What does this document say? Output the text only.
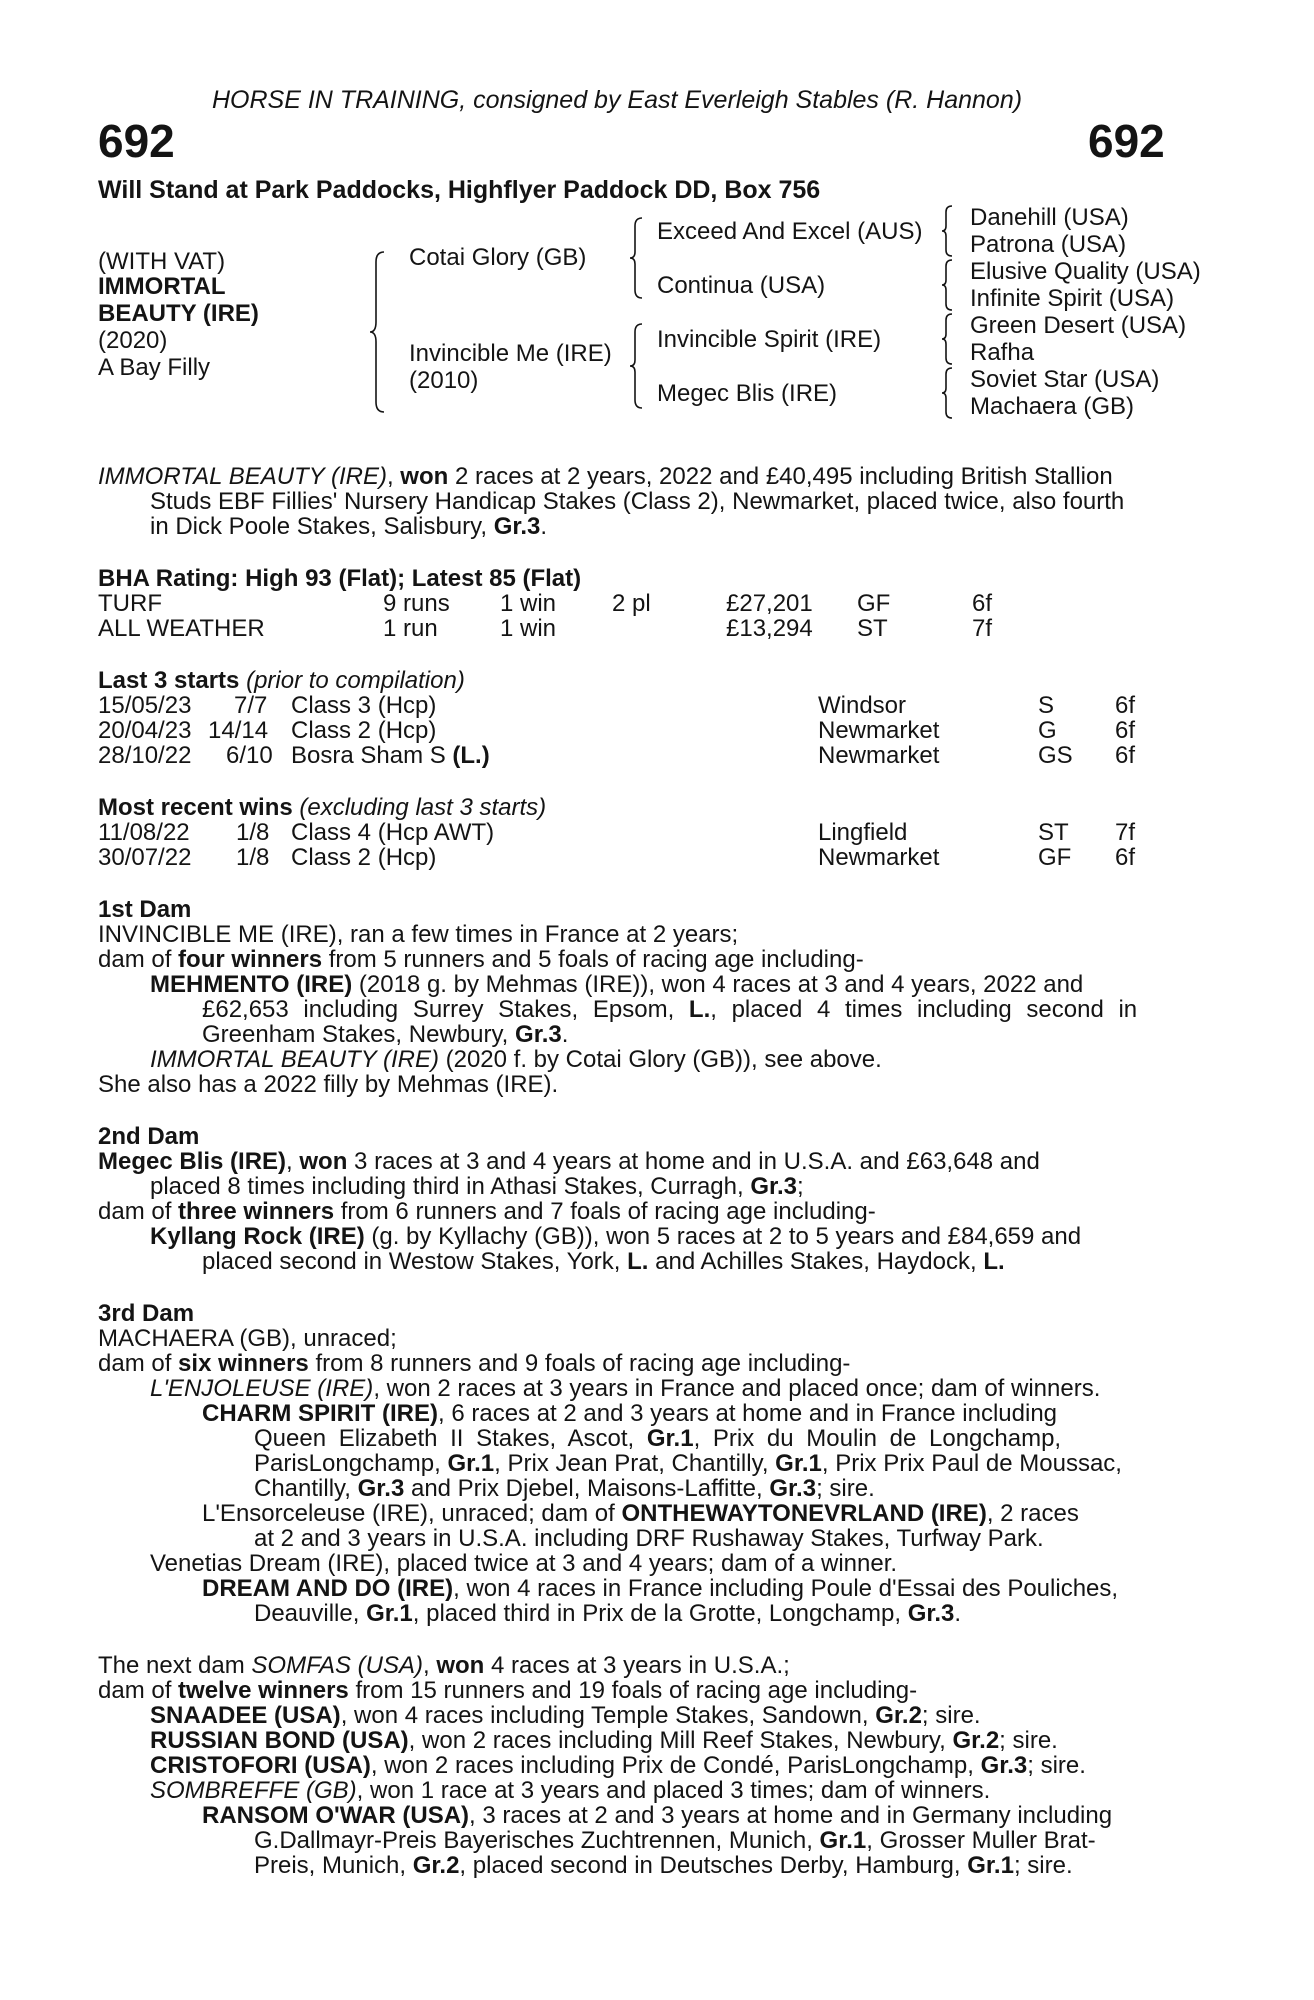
HORSE IN TRAINING, consigned by East Everleigh Stables (R. Hannon)
692	692
Will Stand at Park Paddocks, Highflyer Paddock DD, Box 756
(WITH VAT)
IMMORTAL
BEAUTY (IRE)
(2020)
A Bay Filly
Cotai Glory (GB)
Invincible Me (IRE)
(2010)
Exceed And Excel (AUS)
Continua (USA)
Invincible Spirit (IRE)
Megec Blis (IRE)
Danehill (USA)
Patrona (USA)
Elusive Quality (USA)
Infinite Spirit (USA)
Green Desert (USA)
Rafha
Soviet Star (USA)
Machaera (GB)
IMMORTAL BEAUTY (IRE), won 2 races at 2 years, 2022 and £40,495 including British Stallion
Studs EBF Fillies' Nursery Handicap Stakes (Class 2), Newmarket, placed twice, also fourth
in Dick Poole Stakes, Salisbury, Gr.3.
BHA Rating: High 93 (Flat); Latest 85 (Flat)
TURF	9 runs 1 win 2 pl	£27,201 GF	6f
ALL WEATHER	1 run	1 win	£13,294 ST	7f
Last 3 starts (prior to compilation)
15/05/23 7/7 Class 3 (Hcp)	Windsor	S	6f
20/04/23 14/14 Class 2 (Hcp)	Newmarket	G 6f
28/10/22 6/10 Bosra Sham S (L.)	Newmarket	GS 6f
Most recent wins (excluding last 3 starts)
11/08/22 1/8 Class 4 (Hcp AWT)	Lingfield	ST 7f
30/07/22 1/8 Class 2 (Hcp)	Newmarket	GF 6f
1st Dam
INVINCIBLE ME (IRE), ran a few times in France at 2 years;
dam of four winners from 5 runners and 5 foals of racing age including-
MEHMENTO (IRE) (2018 g. by Mehmas (IRE)), won 4 races at 3 and 4 years, 2022 and
£62,653 including Surrey Stakes, Epsom, L., placed 4 times including second in
Greenham Stakes, Newbury, Gr.3.
IMMORTAL BEAUTY (IRE) (2020 f. by Cotai Glory (GB)), see above.
She also has a 2022 filly by Mehmas (IRE).
2nd Dam
Megec Blis (IRE), won 3 races at 3 and 4 years at home and in U.S.A. and £63,648 and
placed 8 times including third in Athasi Stakes, Curragh, Gr.3;
dam of three winners from 6 runners and 7 foals of racing age including-
Kyllang Rock (IRE) (g. by Kyllachy (GB)), won 5 races at 2 to 5 years and £84,659 and
placed second in Westow Stakes, York, L. and Achilles Stakes, Haydock, L.
3rd Dam
MACHAERA (GB), unraced;
dam of six winners from 8 runners and 9 foals of racing age including-
L'ENJOLEUSE (IRE), won 2 races at 3 years in France and placed once; dam of winners.
CHARM SPIRIT (IRE), 6 races at 2 and 3 years at home and in France including
Queen Elizabeth II Stakes, Ascot, Gr.1, Prix du Moulin de Longchamp,
ParisLongchamp, Gr.1, Prix Jean Prat, Chantilly, Gr.1, Prix Prix Paul de Moussac,
Chantilly, Gr.3 and Prix Djebel, Maisons-Laffitte, Gr.3; sire.
L'Ensorceleuse (IRE), unraced; dam of ONTHEWAYTONEVRLAND (IRE), 2 races
at 2 and 3 years in U.S.A. including DRF Rushaway Stakes, Turfway Park.
Venetias Dream (IRE), placed twice at 3 and 4 years; dam of a winner.
DREAM AND DO (IRE), won 4 races in France including Poule d'Essai des Pouliches,
Deauville, Gr.1, placed third in Prix de la Grotte, Longchamp, Gr.3.
The next dam SOMFAS (USA), won 4 races at 3 years in U.S.A.;
dam of twelve winners from 15 runners and 19 foals of racing age including-
SNAADEE (USA), won 4 races including Temple Stakes, Sandown, Gr.2; sire.
RUSSIAN BOND (USA), won 2 races including Mill Reef Stakes, Newbury, Gr.2; sire.
CRISTOFORI (USA), won 2 races including Prix de Condé, ParisLongchamp, Gr.3; sire.
SOMBREFFE (GB), won 1 race at 3 years and placed 3 times; dam of winners.
RANSOM O'WAR (USA), 3 races at 2 and 3 years at home and in Germany including
G.Dallmayr-Preis Bayerisches Zuchtrennen, Munich, Gr.1, Grosser Muller Brat-
Preis, Munich, Gr.2, placed second in Deutsches Derby, Hamburg, Gr.1; sire.
